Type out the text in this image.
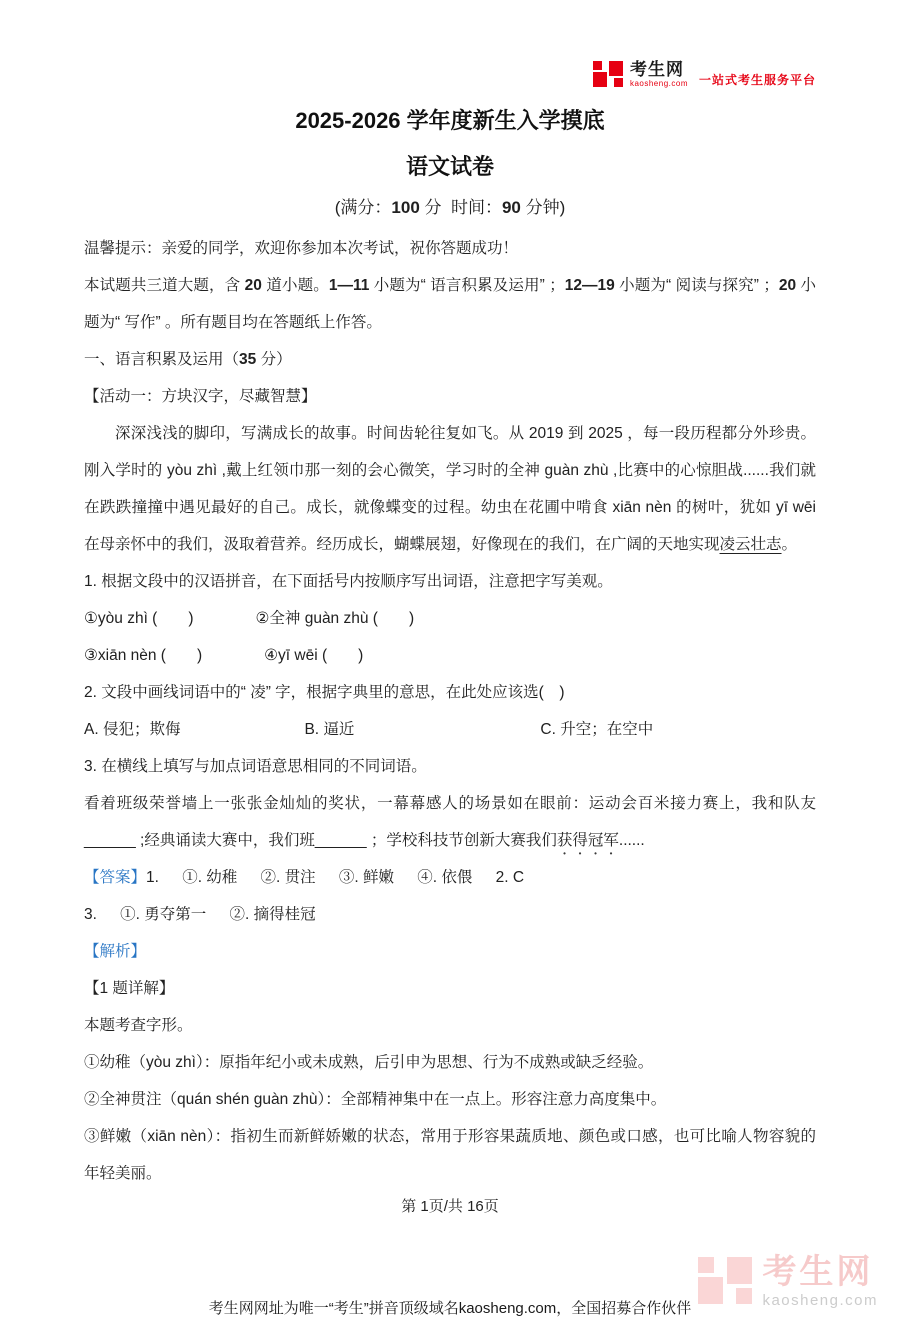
考生网
kaosheng.com 一站式考生服务平台
2025-2026 学年度新生入学摸底
语文试卷

(满分：100 分  时间：90 分钟)

温馨提示：亲爱的同学，欢迎你参加本次考试，祝你答题成功！

本试题共三道大题，含 20 道小题。1—11 小题为“ 语言积累及运用” ；12—19 小题为“ 阅读与探究” ；20 小题为“ 写作” 。所有题目均在答题纸上作答。

一、语言积累及运用（35 分）

【活动一：方块汉字，尽藏智慧】

深深浅浅的脚印，写满成长的故事。时间齿轮往复如飞。从 2019 到 2025 ，每一段历程都分外珍贵。刚入学时的 yòu zhì ,戴上红领巾那一刻的会心微笑，学习时的全神 guàn zhù ,比赛中的心惊胆战......我们就在跌跌撞撞中遇见最好的自己。成长，就像蝶变的过程。幼虫在花圃中啃食 xiān nèn 的树叶，犹如 yī wēi 在母亲怀中的我们，汲取着营养。经历成长，蝴蝶展翅，好像现在的我们，在广阔的天地实现凌云壮志。

1. 根据文段中的汉语拼音，在下面括号内按顺序写出词语，注意把字写美观。

①yòu zhì (  )    ②全神 guàn zhù (  )

③xiān nèn (  )    ④yī wēi (  )

2. 文段中画线词语中的“ 凌” 字，根据字典里的意思，在此处应该选( )

A. 侵犯；欺侮        B. 逼近            C. 升空；在空中

3. 在横线上填写与加点词语意思相同的不同词语。

看着班级荣誉墙上一张张金灿灿的奖状，一幕幕感人的场景如在眼前：运动会百米接力赛上，我和队友______ ;经典诵读大赛中，我们班______ ；学校科技节创新大赛我们获得冠军......

【答案】1.  ①. 幼稚  ②. 贯注  ③. 鲜嫩  ④. 依偎  2. C

3.  ①. 勇夺第一  ②. 摘得桂冠

【解析】

【1 题详解】

本题考查字形。

①幼稚（yòu zhì）：原指年纪小或未成熟，后引申为思想、行为不成熟或缺乏经验。

②全神贯注（quán shén guàn zhù）：全部精神集中在一点上。形容注意力高度集中。

③鲜嫩（xiān nèn）：指初生而新鲜娇嫩的状态，常用于形容果蔬质地、颜色或口感，也可比喻人物容貌的年轻美丽。

第 1页/共 16页
考生网
kaosheng.com
考生网网址为唯一“考生”拼音顶级域名kaosheng.com，全国招募合作伙伴
